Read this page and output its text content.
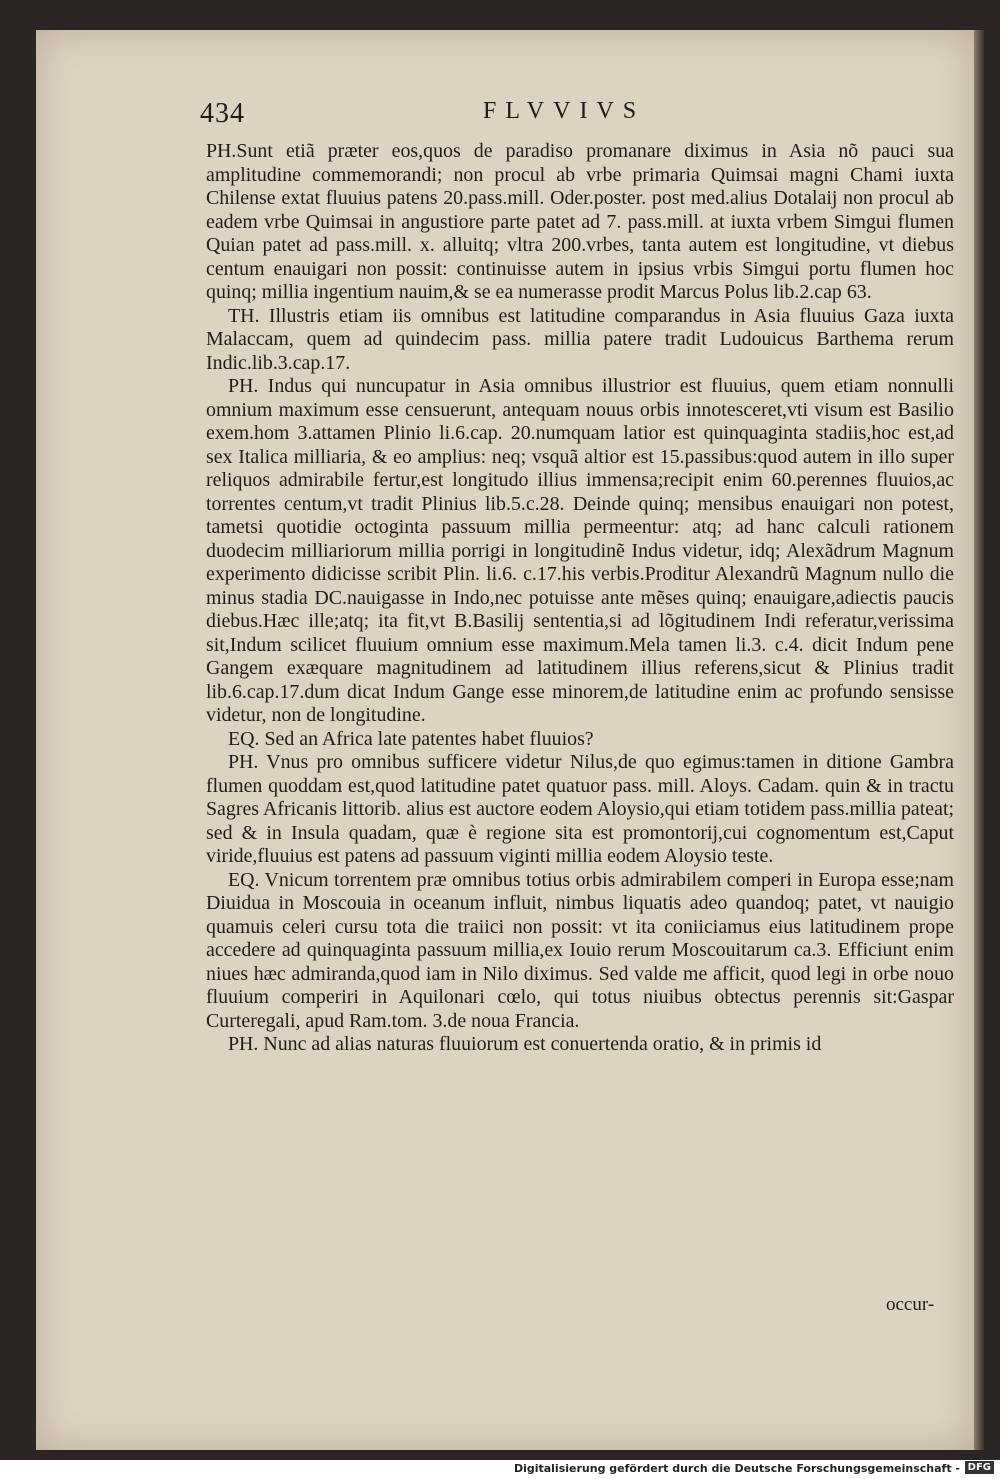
434	FLVVIVS

PH.Sunt etiã præter eos,quos de paradiso promanare diximus in Asia nõ pauci sua amplitudine commemorandi; non procul ab vrbe primaria Quimsai magni Chami iuxta Chilense extat fluuius patens 20.pass.mill. Oder.poster. post med.alius Dotalaij non procul ab eadem vrbe Quimsai in angustiore parte patet ad 7. pass.mill. at iuxta vrbem Simgui flumen Quian patet ad pass.mill. x. alluitq; vltra 200.vrbes, tanta autem est longitudine, vt diebus centum enauigari non possit: continuisse autem in ipsius vrbis Simgui portu flumen hoc quinq; millia ingentium nauim,& se ea numerasse prodit Marcus Polus lib.2.cap 63.

TH. Illustris etiam iis omnibus est latitudine comparandus in Asia fluuius Gaza iuxta Malaccam, quem ad quindecim pass. millia patere tradit Ludouicus Barthema rerum Indic.lib.3.cap.17.

PH. Indus qui nuncupatur in Asia omnibus illustrior est fluuius, quem etiam nonnulli omnium maximum esse censuerunt, antequam nouus orbis innotesceret,vti visum est Basilio exem.hom 3.attamen Plinio li.6.cap. 20.numquam latior est quinquaginta stadiis,hoc est,ad sex Italica milliaria, & eo amplius: neq; vsquã altior est 15.passibus:quod autem in illo super reliquos admirabile fertur,est longitudo illius immensa;recipit enim 60.perennes fluuios,ac torrentes centum,vt tradit Plinius lib.5.c.28. Deinde quinq; mensibus enauigari non potest, tametsi quotidie octoginta passuum millia permeentur: atq; ad hanc calculi rationem duodecim milliariorum millia porrigi in longitudinẽ Indus videtur, idq; Alexãdrum Magnum experimento didicisse scribit Plin. li.6. c.17.his verbis.Proditur Alexandrũ Magnum nullo die minus stadia DC.nauigasse in Indo,nec potuisse ante mẽses quinq; enauigare,adiectis paucis diebus.Hæc ille;atq; ita fit,vt B.Basilij sententia,si ad lõgitudinem Indi referatur,verissima sit,Indum scilicet fluuium omnium esse maximum.Mela tamen li.3. c.4. dicit Indum pene Gangem exæquare magnitudinem ad latitudinem illius referens,sicut & Plinius tradit lib.6.cap.17.dum dicat Indum Gange esse minorem,de latitudine enim ac profundo sensisse videtur, non de longitudine.

EQ. Sed an Africa late patentes habet fluuios?

PH. Vnus pro omnibus sufficere videtur Nilus,de quo egimus:tamen in ditione Gambra flumen quoddam est,quod latitudine patet quatuor pass. mill. Aloys. Cadam. quin & in tractu Sagres Africanis littorib. alius est auctore eodem Aloysio,qui etiam totidem pass.millia pateat; sed & in Insula quadam, quæ è regione sita est promontorij,cui cognomentum est,Caput viride,fluuius est patens ad passuum viginti millia eodem Aloysio teste.

EQ. Vnicum torrentem præ omnibus totius orbis admirabilem comperi in Europa esse;nam Diuidua in Moscouia in oceanum influit, nimbus liquatis adeo quandoq; patet, vt nauigio quamuis celeri cursu tota die traiici non possit: vt ita coniiciamus eius latitudinem prope accedere ad quinquaginta passuum millia,ex Iouio rerum Moscouitarum ca.3. Efficiunt enim niues hæc admiranda,quod iam in Nilo diximus. Sed valde me afficit, quod legi in orbe nouo fluuium comperiri in Aquilonari cœlo, qui totus niuibus obtectus perennis sit:Gaspar Curteregali, apud Ram.tom. 3.de noua Francia.

PH. Nunc ad alias naturas fluuiorum est conuertenda oratio, & in primis id

occur-
Digitalisierung gefördert durch die Deutsche Forschungsgemeinschaft - DFG
